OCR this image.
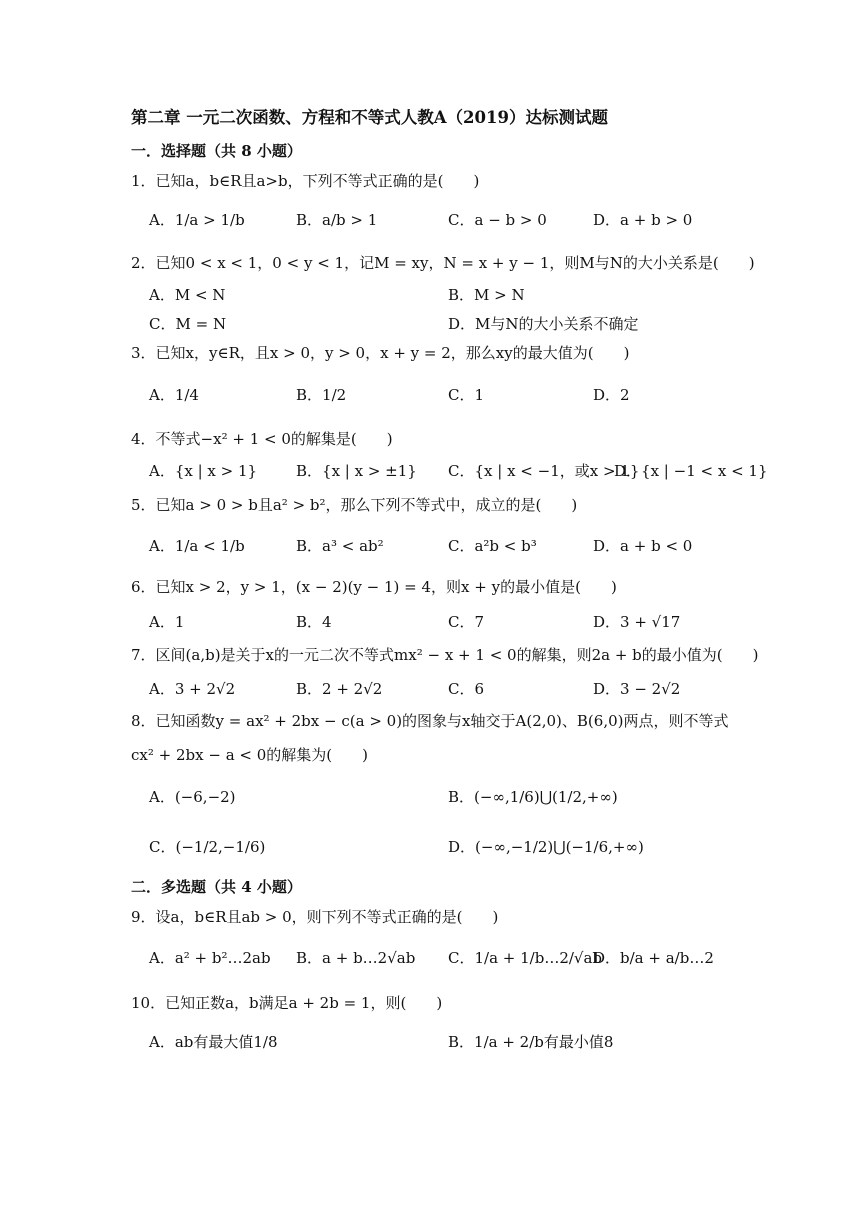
第二章 一元二次函数、方程和不等式人教A（2019）达标测试题
一．选择题（共 8 小题）
1．已知a，b∈R且a>b，下列不等式正确的是(　　)
A．1/a > 1/b	B．a/b > 1	C．a − b > 0	D．a + b > 0
2．已知0 < x < 1，0 < y < 1，记M = xy，N = x + y − 1，则M与N的大小关系是(　　)
A．M < N	B．M > N
C．M = N	D．M与N的大小关系不确定
3．已知x，y∈R，且x > 0，y > 0，x + y = 2，那么xy的最大值为(　　)
A．1/4	B．1/2	C．1	D．2
4．不等式−x² + 1 < 0的解集是(　　)
A．{x | x > 1}	B．{x | x > ±1} C．{x | x < −1，或x > 1}
D．{x | −1 < x < 1}
5．已知a > 0 > b且a² > b²，那么下列不等式中，成立的是(　　)
A．1/a < 1/b	B．a³ < ab²	C．a²b < b³	D．a + b < 0
6．已知x > 2，y > 1，(x − 2)(y − 1) = 4，则x + y的最小值是(　　)
A．1	B．4	C．7	D．3 + √17
7．区间(a,b)是关于x的一元二次不等式mx² − x + 1 < 0的解集，则2a + b的最小值为(　　)
A．3 + 2√2	B．2 + 2√2	C．6	D．3 − 2√2
8．已知函数y = ax² + 2bx − c(a > 0)的图象与x轴交于A(2,0)、B(6,0)两点，则不等式cx² + 2bx − a < 0的解集为(　　)
A．(−6,−2)	B．(−∞,1/6)⋃(1/2,+∞)
C．(−1/2,−1/6)	D．(−∞,−1/2)⋃(−1/6,+∞)
二．多选题（共 4 小题）
9．设a，b∈R且ab > 0，则下列不等式正确的是(　　)
A．a² + b²…2ab B．a + b…2√ab C．1/a + 1/b…2/√ab
D．b/a + a/b…2
10．已知正数a，b满足a + 2b = 1，则(　　)
A．ab有最大值1/8	B．1/a + 2/b有最小值8
